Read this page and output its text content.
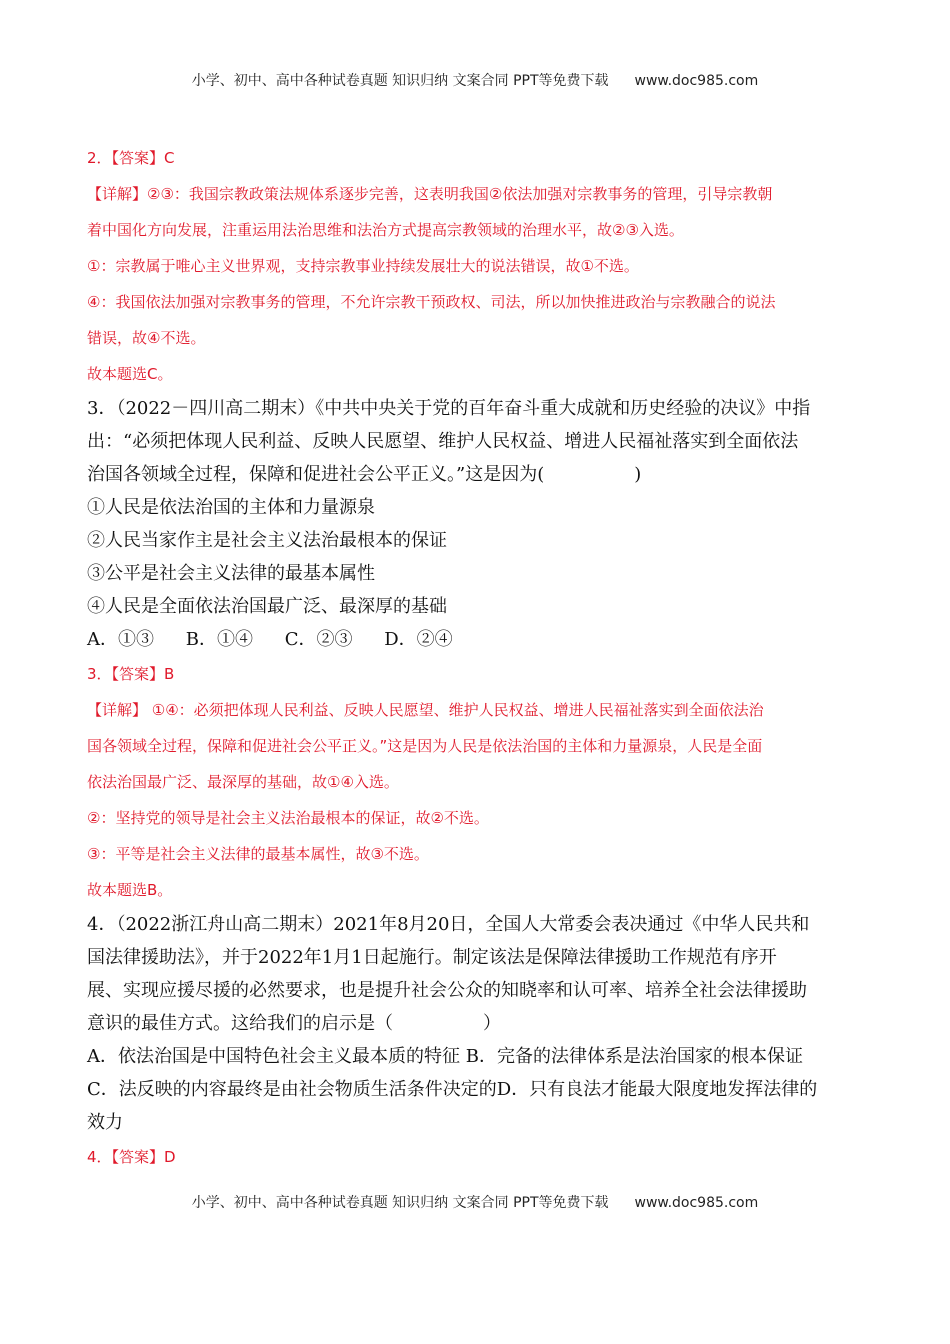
小学、初中、高中各种试卷真题 知识归纳 文案合同 PPT等免费下载 www.doc985.com
2．【答案】C
【详解】②③：我国宗教政策法规体系逐步完善，这表明我国②依法加强对宗教事务的管理，引导宗教朝
着中国化方向发展，注重运用法治思维和法治方式提高宗教领域的治理水平，故②③入选。
①：宗教属于唯心主义世界观，支持宗教事业持续发展壮大的说法错误，故①不选。
④：我国依法加强对宗教事务的管理，不允许宗教干预政权、司法，所以加快推进政治与宗教融合的说法
错误，故④不选。
故本题选C。
3．（2022－四川高二期末）《中共中央关于党的百年奋斗重大成就和历史经验的决议》中指
出：“必须把体现人民利益、反映人民愿望、维护人民权益、增进人民福祉落实到全面依法
治国各领域全过程，保障和促进社会公平正义。”这是因为(　　　　　)
①人民是依法治国的主体和力量源泉
②人民当家作主是社会主义法治最根本的保证
③公平是社会主义法律的最基本属性
④人民是全面依法治国最广泛、最深厚的基础
A．①③ B．①④ C．②③ D．②④
3．【答案】B
【详解】 ①④：必须把体现人民利益、反映人民愿望、维护人民权益、增进人民福祉落实到全面依法治
国各领域全过程，保障和促进社会公平正义。”这是因为人民是依法治国的主体和力量源泉，人民是全面
依法治国最广泛、最深厚的基础，故①④入选。
②：坚持党的领导是社会主义法治最根本的保证，故②不选。
③：平等是社会主义法律的最基本属性，故③不选。
故本题选B。
4．（2022浙江舟山高二期末）2021年8月20日，全国人大常委会表决通过《中华人民共和
国法律援助法》，并于2022年1月1日起施行。制定该法是保障法律援助工作规范有序开
展、实现应援尽援的必然要求，也是提升社会公众的知晓率和认可率、培养全社会法律援助
意识的最佳方式。这给我们的启示是（　　　　　）
A．依法治国是中国特色社会主义最本质的特征 B．完备的法律体系是法治国家的根本保证
C．法反映的内容最终是由社会物质生活条件决定的D．只有良法才能最大限度地发挥法律的
效力
4．【答案】D
小学、初中、高中各种试卷真题 知识归纳 文案合同 PPT等免费下载 www.doc985.com
